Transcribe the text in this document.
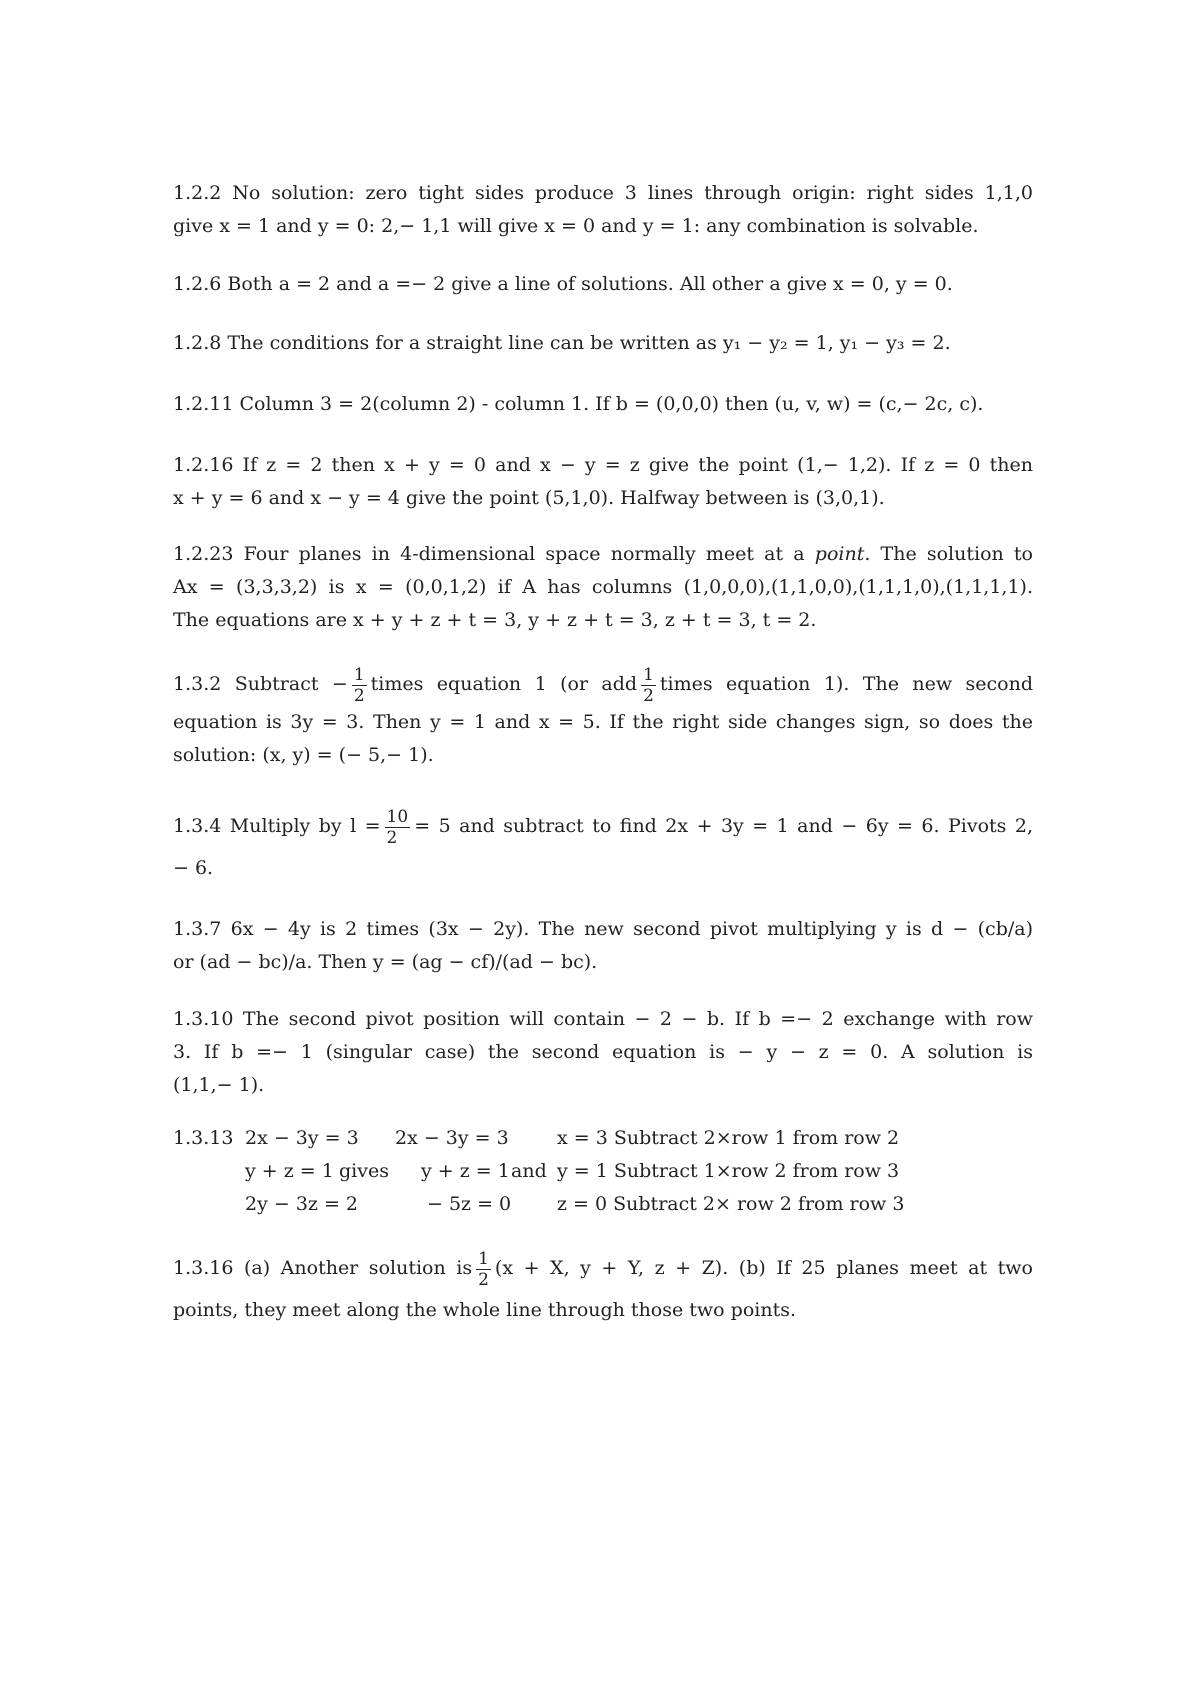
1.2.2 No solution: zero tight sides produce 3 lines through origin: right sides 1,1,0
give x = 1 and y = 0: 2,− 1,1 will give x = 0 and y = 1: any combination is solvable.
1.2.6 Both a = 2 and a =− 2 give a line of solutions. All other a give x = 0, y = 0.
1.2.8 The conditions for a straight line can be written as y₁ − y₂ = 1, y₁ − y₃ = 2.
1.2.11 Column 3 = 2(column 2) - column 1. If b = (0,0,0) then (u, v, w) = (c,− 2c, c).
1.2.16 If z = 2 then x + y = 0 and x − y = z give the point (1,− 1,2). If z = 0 then
x + y = 6 and x − y = 4 give the point (5,1,0). Halfway between is (3,0,1).
1.2.23 Four planes in 4-dimensional space normally meet at a point. The solution to
Ax = (3,3,3,2) is x = (0,0,1,2) if A has columns (1,0,0,0),(1,1,0,0),(1,1,1,0),(1,1,1,1).
The equations are x + y + z + t = 3, y + z + t = 3, z + t = 3, t = 2.
1.3.2 Subtract − $\frac{1}{2}$ times equation 1 (or add $\frac{1}{2}$ times equation 1). The new second
equation is 3y = 3. Then y = 1 and x = 5. If the right side changes sign, so does the
solution: (x, y) = (− 5,− 1).
1.3.4 Multiply by $l = \frac{10}{2} = 5$ and subtract to find 2x + 3y = 1 and − 6y = 6. Pivots 2,
− 6.
1.3.7 6x − 4y is 2 times (3x − 2y). The new second pivot multiplying y is d − (cb/a)
or (ad − bc)/a. Then y = (ag − cf)/(ad − bc).
1.3.10 The second pivot position will contain − 2 − b. If b =− 2 exchange with row
3. If b =− 1 (singular case) the second equation is − y − z = 0. A solution is
(1,1,− 1).
1.3.13 2x − 3y = 3 2x − 3y = 3	x = 3 Subtract 2×row 1 from row 2
y + z = 1 gives y + z = 1 and y = 1 Subtract 1×row 2 from row 3
2y − 3z = 2	− 5z = 0 z = 0 Subtract 2× row 2 from row 3
1.3.16 (a) Another solution is $\frac{1}{2} (x + X$, y + Y, z + Z). (b) If 25 planes meet at two
points, they meet along the whole line through those two points.
